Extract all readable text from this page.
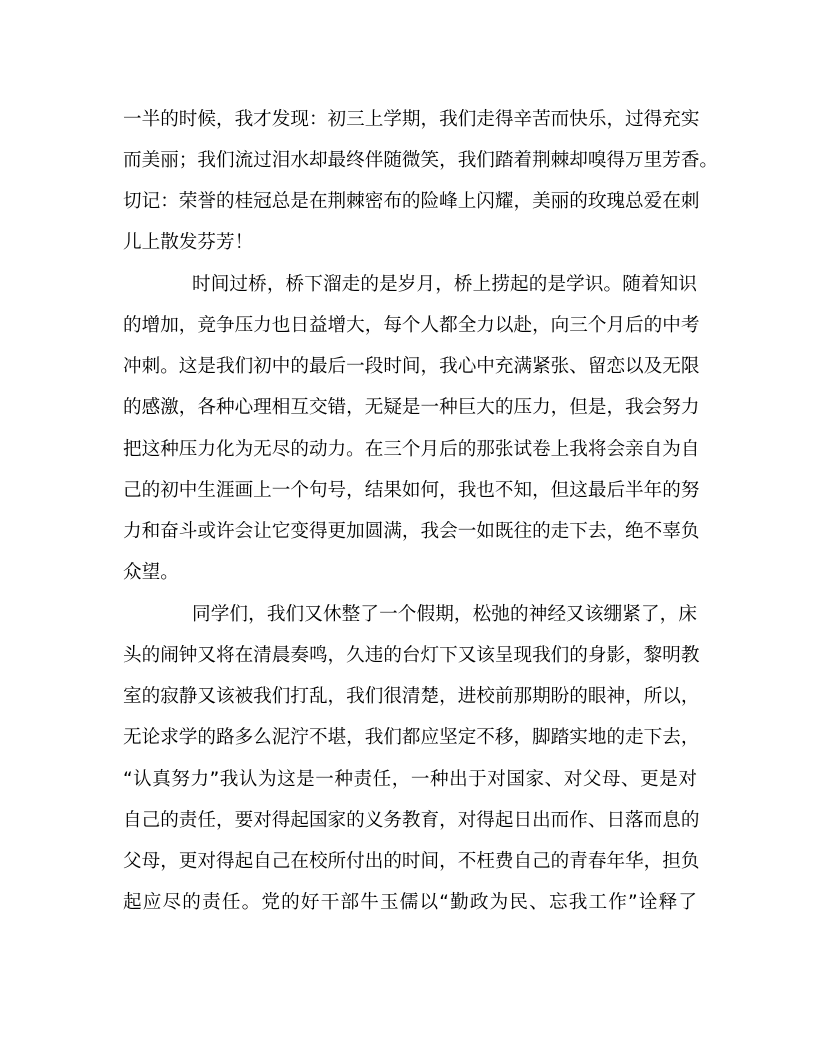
一半的时候，我才发现：初三上学期，我们走得辛苦而快乐，过得充实
而美丽；我们流过泪水却最终伴随微笑，我们踏着荆棘却嗅得万里芳香。
切记：荣誉的桂冠总是在荆棘密布的险峰上闪耀，美丽的玫瑰总爱在刺
儿上散发芬芳！
时间过桥，桥下溜走的是岁月，桥上捞起的是学识。随着知识
的增加，竞争压力也日益增大，每个人都全力以赴，向三个月后的中考
冲刺。这是我们初中的最后一段时间，我心中充满紧张、留恋以及无限
的感激，各种心理相互交错，无疑是一种巨大的压力，但是，我会努力
把这种压力化为无尽的动力。在三个月后的那张试卷上我将会亲自为自
己的初中生涯画上一个句号，结果如何，我也不知，但这最后半年的努
力和奋斗或许会让它变得更加圆满，我会一如既往的走下去，绝不辜负
众望。
同学们，我们又休整了一个假期，松弛的神经又该绷紧了，床
头的闹钟又将在清晨奏鸣，久违的台灯下又该呈现我们的身影，黎明教
室的寂静又该被我们打乱，我们很清楚，进校前那期盼的眼神，所以，
无论求学的路多么泥泞不堪，我们都应坚定不移，脚踏实地的走下去，
“认真努力”我认为这是一种责任，一种出于对国家、对父母、更是对
自己的责任，要对得起国家的义务教育，对得起日出而作、日落而息的
父母，更对得起自己在校所付出的时间，不枉费自己的青春年华，担负
起应尽的责任。党的好干部牛玉儒以“勤政为民、忘我工作”诠释了
